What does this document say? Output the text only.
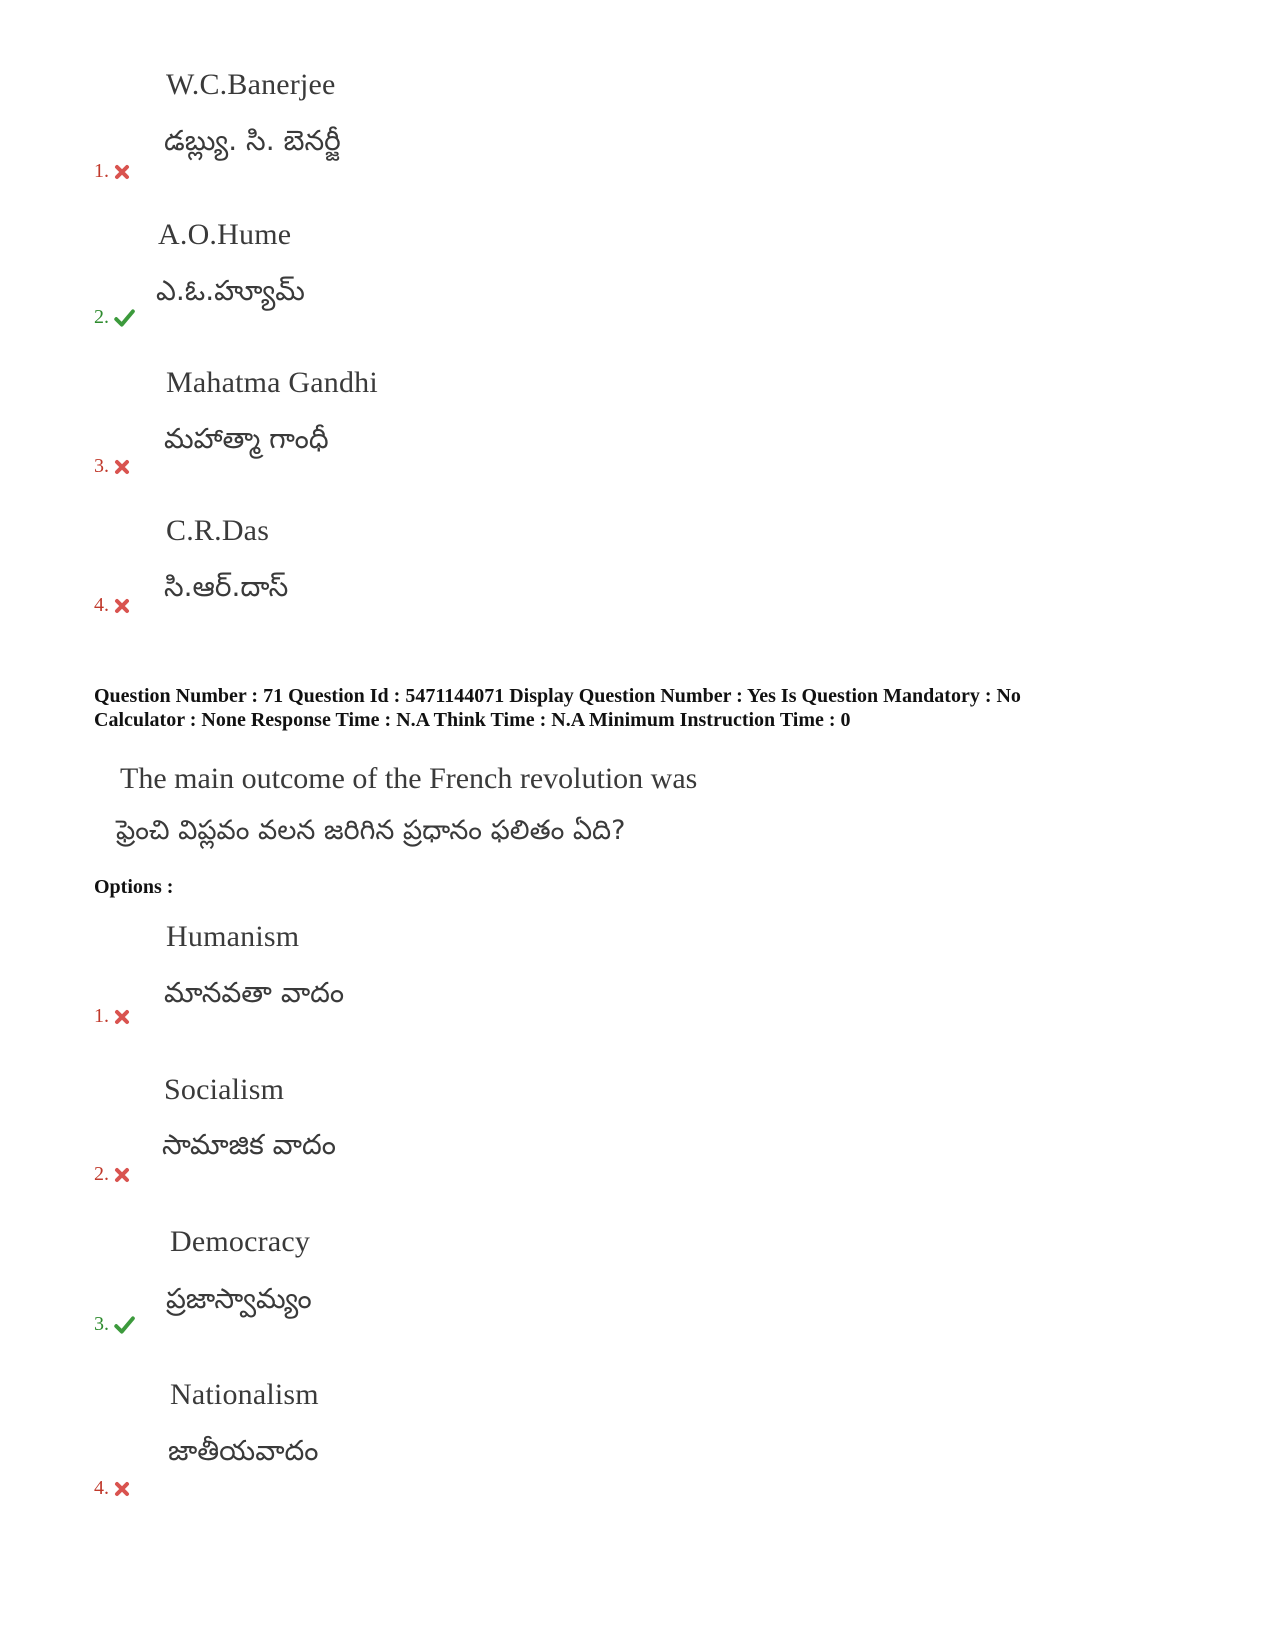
W.C.Banerjee
డబ్ల్యు. సి. బెనర్జీ
1.
A.O.Hume
ఎ.ఓ.హ్యూమ్
2.
Mahatma Gandhi
మహాత్మా గాంధీ
3.
C.R.Das
సి.ఆర్.దాస్
4.
Question Number : 71 Question Id : 5471144071 Display Question Number : Yes Is Question Mandatory : No
Calculator : None Response Time : N.A Think Time : N.A Minimum Instruction Time : 0
The main outcome of the French revolution was
ఫ్రెంచి విప్లవం వలన జరిగిన ప్రధానం ఫలితం ఏది?
Options :
Humanism
మానవతా వాదం
1.
Socialism
సామాజిక వాదం
2.
Democracy
ప్రజాస్వామ్యం
3.
Nationalism
జాతీయవాదం
4.
